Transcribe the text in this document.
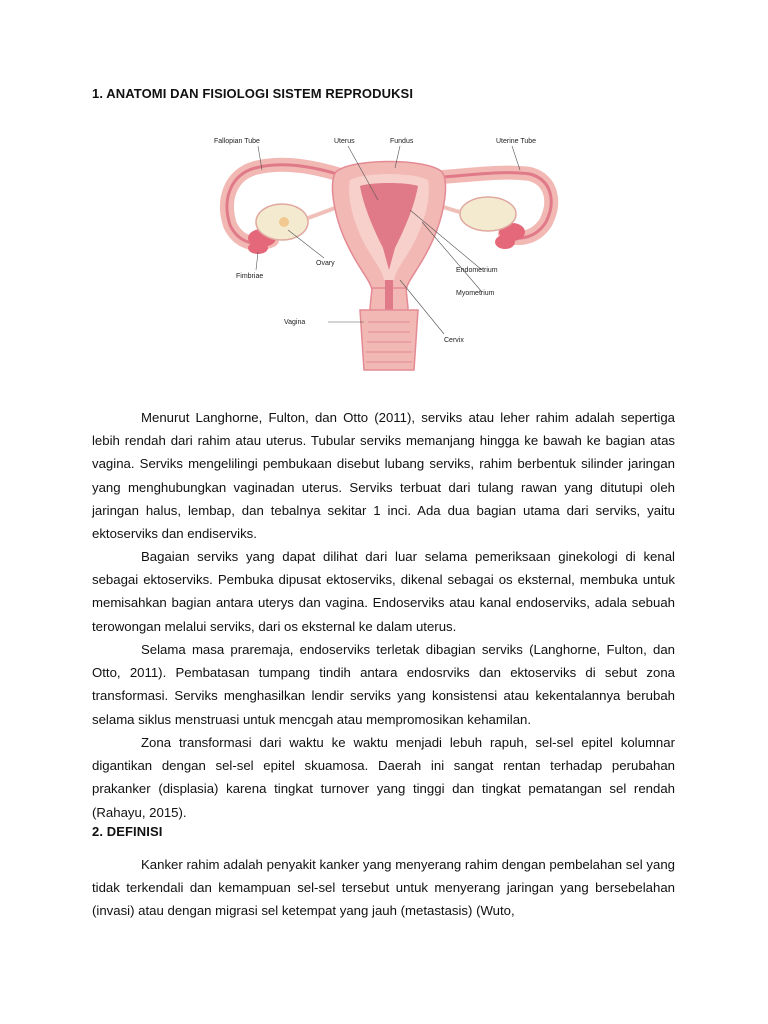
1. ANATOMI DAN FISIOLOGI SISTEM REPRODUKSI
Fallopian Tube	Uterus	Fundus	Uterine Tube
Ovary
Fimbriae
Endometrium
Myometrium
Vagina
Cervix

Menurut Langhorne, Fulton, dan Otto (2011), serviks atau leher rahim adalah sepertiga lebih rendah dari rahim atau uterus. Tubular serviks memanjang hingga ke bawah ke bagian atas vagina. Serviks mengelilingi pembukaan disebut lubang serviks, rahim berbentuk silinder jaringan yang menghubungkan vaginadan uterus. Serviks terbuat dari tulang rawan yang ditutupi oleh jaringan halus, lembap, dan tebalnya sekitar 1 inci. Ada dua bagian utama dari serviks, yaitu ektoserviks dan endiserviks.

Bagaian serviks yang dapat dilihat dari luar selama pemeriksaan ginekologi di kenal sebagai ektoserviks. Pembuka dipusat ektoserviks, dikenal sebagai os eksternal, membuka untuk memisahkan bagian antara uterys dan vagina. Endoserviks atau kanal endoserviks, adala sebuah terowongan melalui serviks, dari os eksternal ke dalam uterus.

Selama masa praremaja, endoserviks terletak dibagian serviks (Langhorne, Fulton, dan Otto, 2011). Pembatasan tumpang tindih antara endosrviks dan ektoserviks di sebut zona transformasi. Serviks menghasilkan lendir serviks yang konsistensi atau kekentalannya berubah selama siklus menstruasi untuk mencgah atau mempromosikan kehamilan.

Zona transformasi dari waktu ke waktu menjadi lebuh rapuh, sel-sel epitel kolumnar digantikan dengan sel-sel epitel skuamosa. Daerah ini sangat rentan terhadap perubahan prakanker (displasia) karena tingkat turnover yang tinggi dan tingkat pematangan sel rendah (Rahayu, 2015).

2. DEFINISI

Kanker rahim adalah penyakit kanker yang menyerang rahim dengan pembelahan sel yang tidak terkendali dan kemampuan sel-sel tersebut untuk menyerang jaringan yang bersebelahan (invasi) atau dengan migrasi sel ketempat yang jauh (metastasis) (Wuto,
